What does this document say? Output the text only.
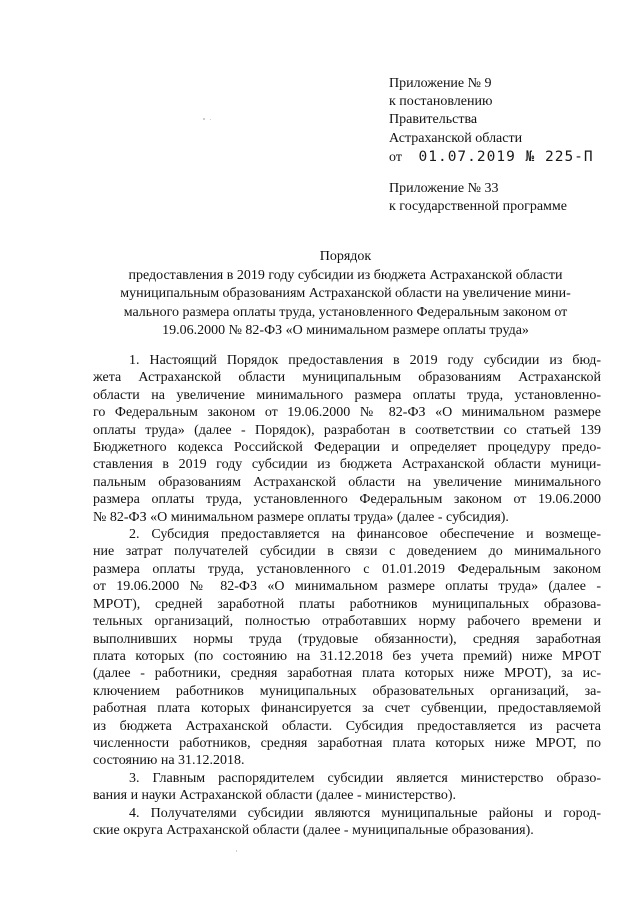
Приложение № 9
к постановлению
Правительства
Астраханской области
от 01.07.2019 № 225-П
Приложение № 33
к государственной программе
Порядок
предоставления в 2019 году субсидии из бюджета Астраханской области
муниципальным образованиям Астраханской области на увеличение мини-
мального размера оплаты труда, установленного Федеральным законом от
19.06.2000 № 82-ФЗ «О минимальном размере оплаты труда»
1. Настоящий Порядок предоставления в 2019 году субсидии из бюд-
жета Астраханской области муниципальным образованиям Астраханской
области на увеличение минимального размера оплаты труда, установленно-
го Федеральным законом от 19.06.2000 № 82-ФЗ «О минимальном размере
оплаты труда» (далее - Порядок), разработан в соответствии со статьей 139
Бюджетного кодекса Российской Федерации и определяет процедуру предо-
ставления в 2019 году субсидии из бюджета Астраханской области муници-
пальным образованиям Астраханской области на увеличение минимального
размера оплаты труда, установленного Федеральным законом от 19.06.2000
№ 82-ФЗ «О минимальном размере оплаты труда» (далее - субсидия).
2. Субсидия предоставляется на финансовое обеспечение и возмеще-
ние затрат получателей субсидии в связи с доведением до минимального
размера оплаты труда, установленного с 01.01.2019 Федеральным законом
от 19.06.2000 № 82-ФЗ «О минимальном размере оплаты труда» (далее -
МРОТ), средней заработной платы работников муниципальных образова-
тельных организаций, полностью отработавших норму рабочего времени и
выполнивших нормы труда (трудовые обязанности), средняя заработная
плата которых (по состоянию на 31.12.2018 без учета премий) ниже МРОТ
(далее - работники, средняя заработная плата которых ниже МРОТ), за ис-
ключением работников муниципальных образовательных организаций, за-
работная плата которых финансируется за счет субвенции, предоставляемой
из бюджета Астраханской области. Субсидия предоставляется из расчета
численности работников, средняя заработная плата которых ниже МРОТ, по
состоянию на 31.12.2018.
3. Главным распорядителем субсидии является министерство образо-
вания и науки Астраханской области (далее - министерство).
4. Получателями субсидии являются муниципальные районы и город-
ские округа Астраханской области (далее - муниципальные образования).
